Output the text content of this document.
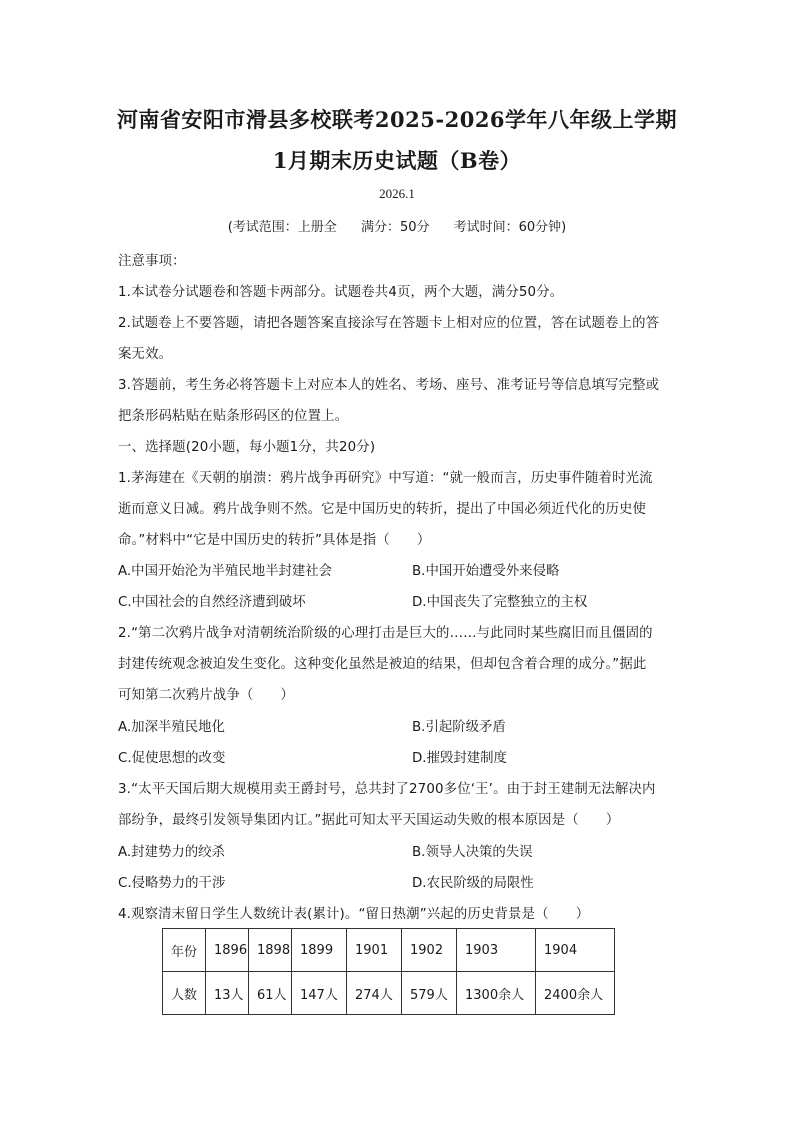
河南省安阳市滑县多校联考2025-2026学年八年级上学期
1月期末历史试题（B卷）
2026.1
(考试范围：上册全 满分：50分 考试时间：60分钟)
注意事项：
1.本试卷分试题卷和答题卡两部分。试题卷共4页，两个大题，满分50分。
2.试题卷上不要答题，请把各题答案直接涂写在答题卡上相对应的位置，答在试题卷上的答
案无效。
3.答题前，考生务必将答题卡上对应本人的姓名、考场、座号、准考证号等信息填写完整或
把条形码粘贴在贴条形码区的位置上。
一、选择题(20小题，每小题1分，共20分)
1.茅海建在《天朝的崩溃：鸦片战争再研究》中写道：“就一般而言，历史事件随着时光流
逝而意义日减。鸦片战争则不然。它是中国历史的转折，提出了中国必须近代化的历史使
命。”材料中“它是中国历史的转折”具体是指（　　）
A.中国开始沦为半殖民地半封建社会	B.中国开始遭受外来侵略
C.中国社会的自然经济遭到破坏	D.中国丧失了完整独立的主权
2.“第二次鸦片战争对清朝统治阶级的心理打击是巨大的……与此同时某些腐旧而且僵固的
封建传统观念被迫发生变化。这种变化虽然是被迫的结果，但却包含着合理的成分。”据此
可知第二次鸦片战争（　　）
A.加深半殖民地化	B.引起阶级矛盾
C.促使思想的改变	D.摧毁封建制度
3.“太平天国后期大规模用卖王爵封号，总共封了2700多位‘王’。由于封王建制无法解决内
部纷争，最终引发领导集团内讧。”据此可知太平天国运动失败的根本原因是（　　）
A.封建势力的绞杀	B.领导人决策的失误
C.侵略势力的干涉	D.农民阶级的局限性
4.观察清末留日学生人数统计表(累计)。“留日热潮”兴起的历史背景是（　　）
年份	1896	1898	1899	1901	1902	1903	1904
人数	13人	61人	147人	274人	579人	1300余人	2400余人
